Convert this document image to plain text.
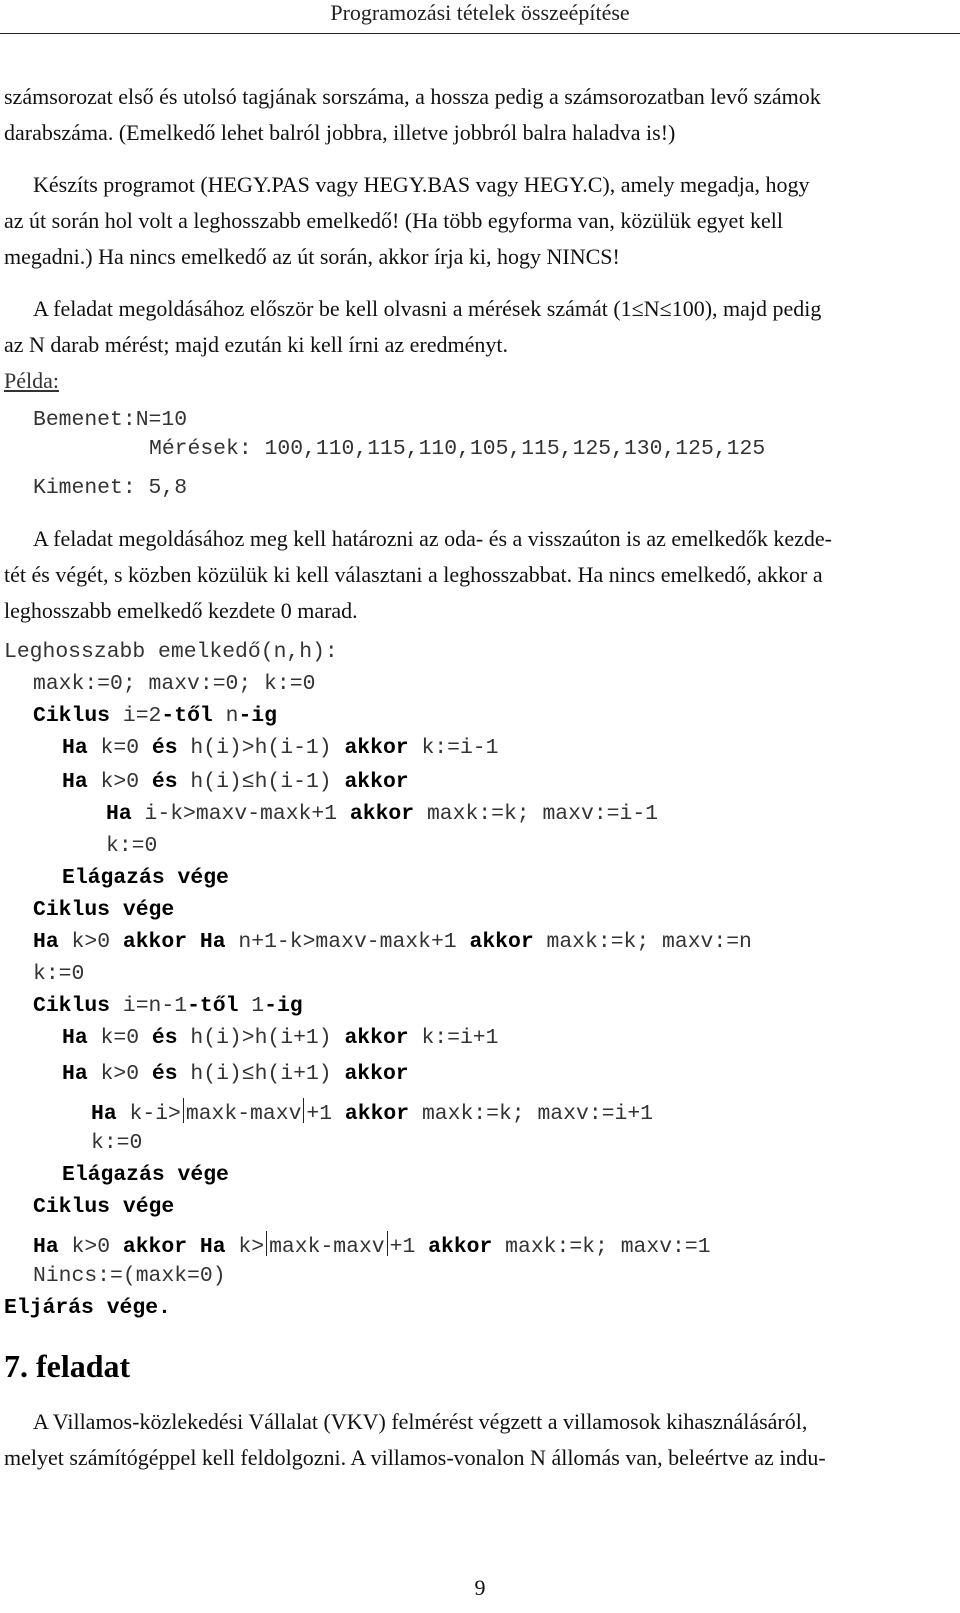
Programozási tételek összeépítése
számsorozat első és utolsó tagjának sorszáma, a hossza pedig a számsorozatban levő számok
darabszáma. (Emelkedő lehet balról jobbra, illetve jobbról balra haladva is!)
Készíts programot (HEGY.PAS vagy HEGY.BAS vagy HEGY.C), amely megadja, hogy
az út során hol volt a leghosszabb emelkedő! (Ha több egyforma van, közülük egyet kell
megadni.) Ha nincs emelkedő az út során, akkor írja ki, hogy NINCS!
A feladat megoldásához először be kell olvasni a mérések számát (1≤N≤100), majd pedig
az N darab mérést; majd ezután ki kell írni az eredményt.
Példa:
Bemenet:N=10
Mérések: 100,110,115,110,105,115,125,130,125,125
Kimenet: 5,8
A feladat megoldásához meg kell határozni az oda- és a visszaúton is az emelkedők kezde-
tét és végét, s közben közülük ki kell választani a leghosszabbat. Ha nincs emelkedő, akkor a
leghosszabb emelkedő kezdete 0 marad.
Leghosszabb emelkedő(n,h):
maxk:=0; maxv:=0; k:=0
Ciklus i=2-től n-ig
Ha k=0 és h(i)>h(i-1) akkor k:=i-1
Ha k>0 és h(i)≤h(i-1) akkor
Ha i-k>maxv-maxk+1 akkor maxk:=k; maxv:=i-1
k:=0
Elágazás vége
Ciklus vége
Ha k>0 akkor Ha n+1-k>maxv-maxk+1 akkor maxk:=k; maxv:=n
k:=0
Ciklus i=n-1-től 1-ig
Ha k=0 és h(i)>h(i+1) akkor k:=i+1
Ha k>0 és h(i)≤h(i+1) akkor
Ha k-i> maxk-maxv +1 akkor maxk:=k; maxv:=i+1
k:=0
Elágazás vége
Ciklus vége
Ha k>0 akkor Ha k> maxk-maxv +1 akkor maxk:=k; maxv:=1
Nincs:=(maxk=0)
Eljárás vége.
7. feladat
A Villamos-közlekedési Vállalat (VKV) felmérést végzett a villamosok kihasználásáról,
melyet számítógéppel kell feldolgozni. A villamos-vonalon N állomás van, beleértve az indu-
9
